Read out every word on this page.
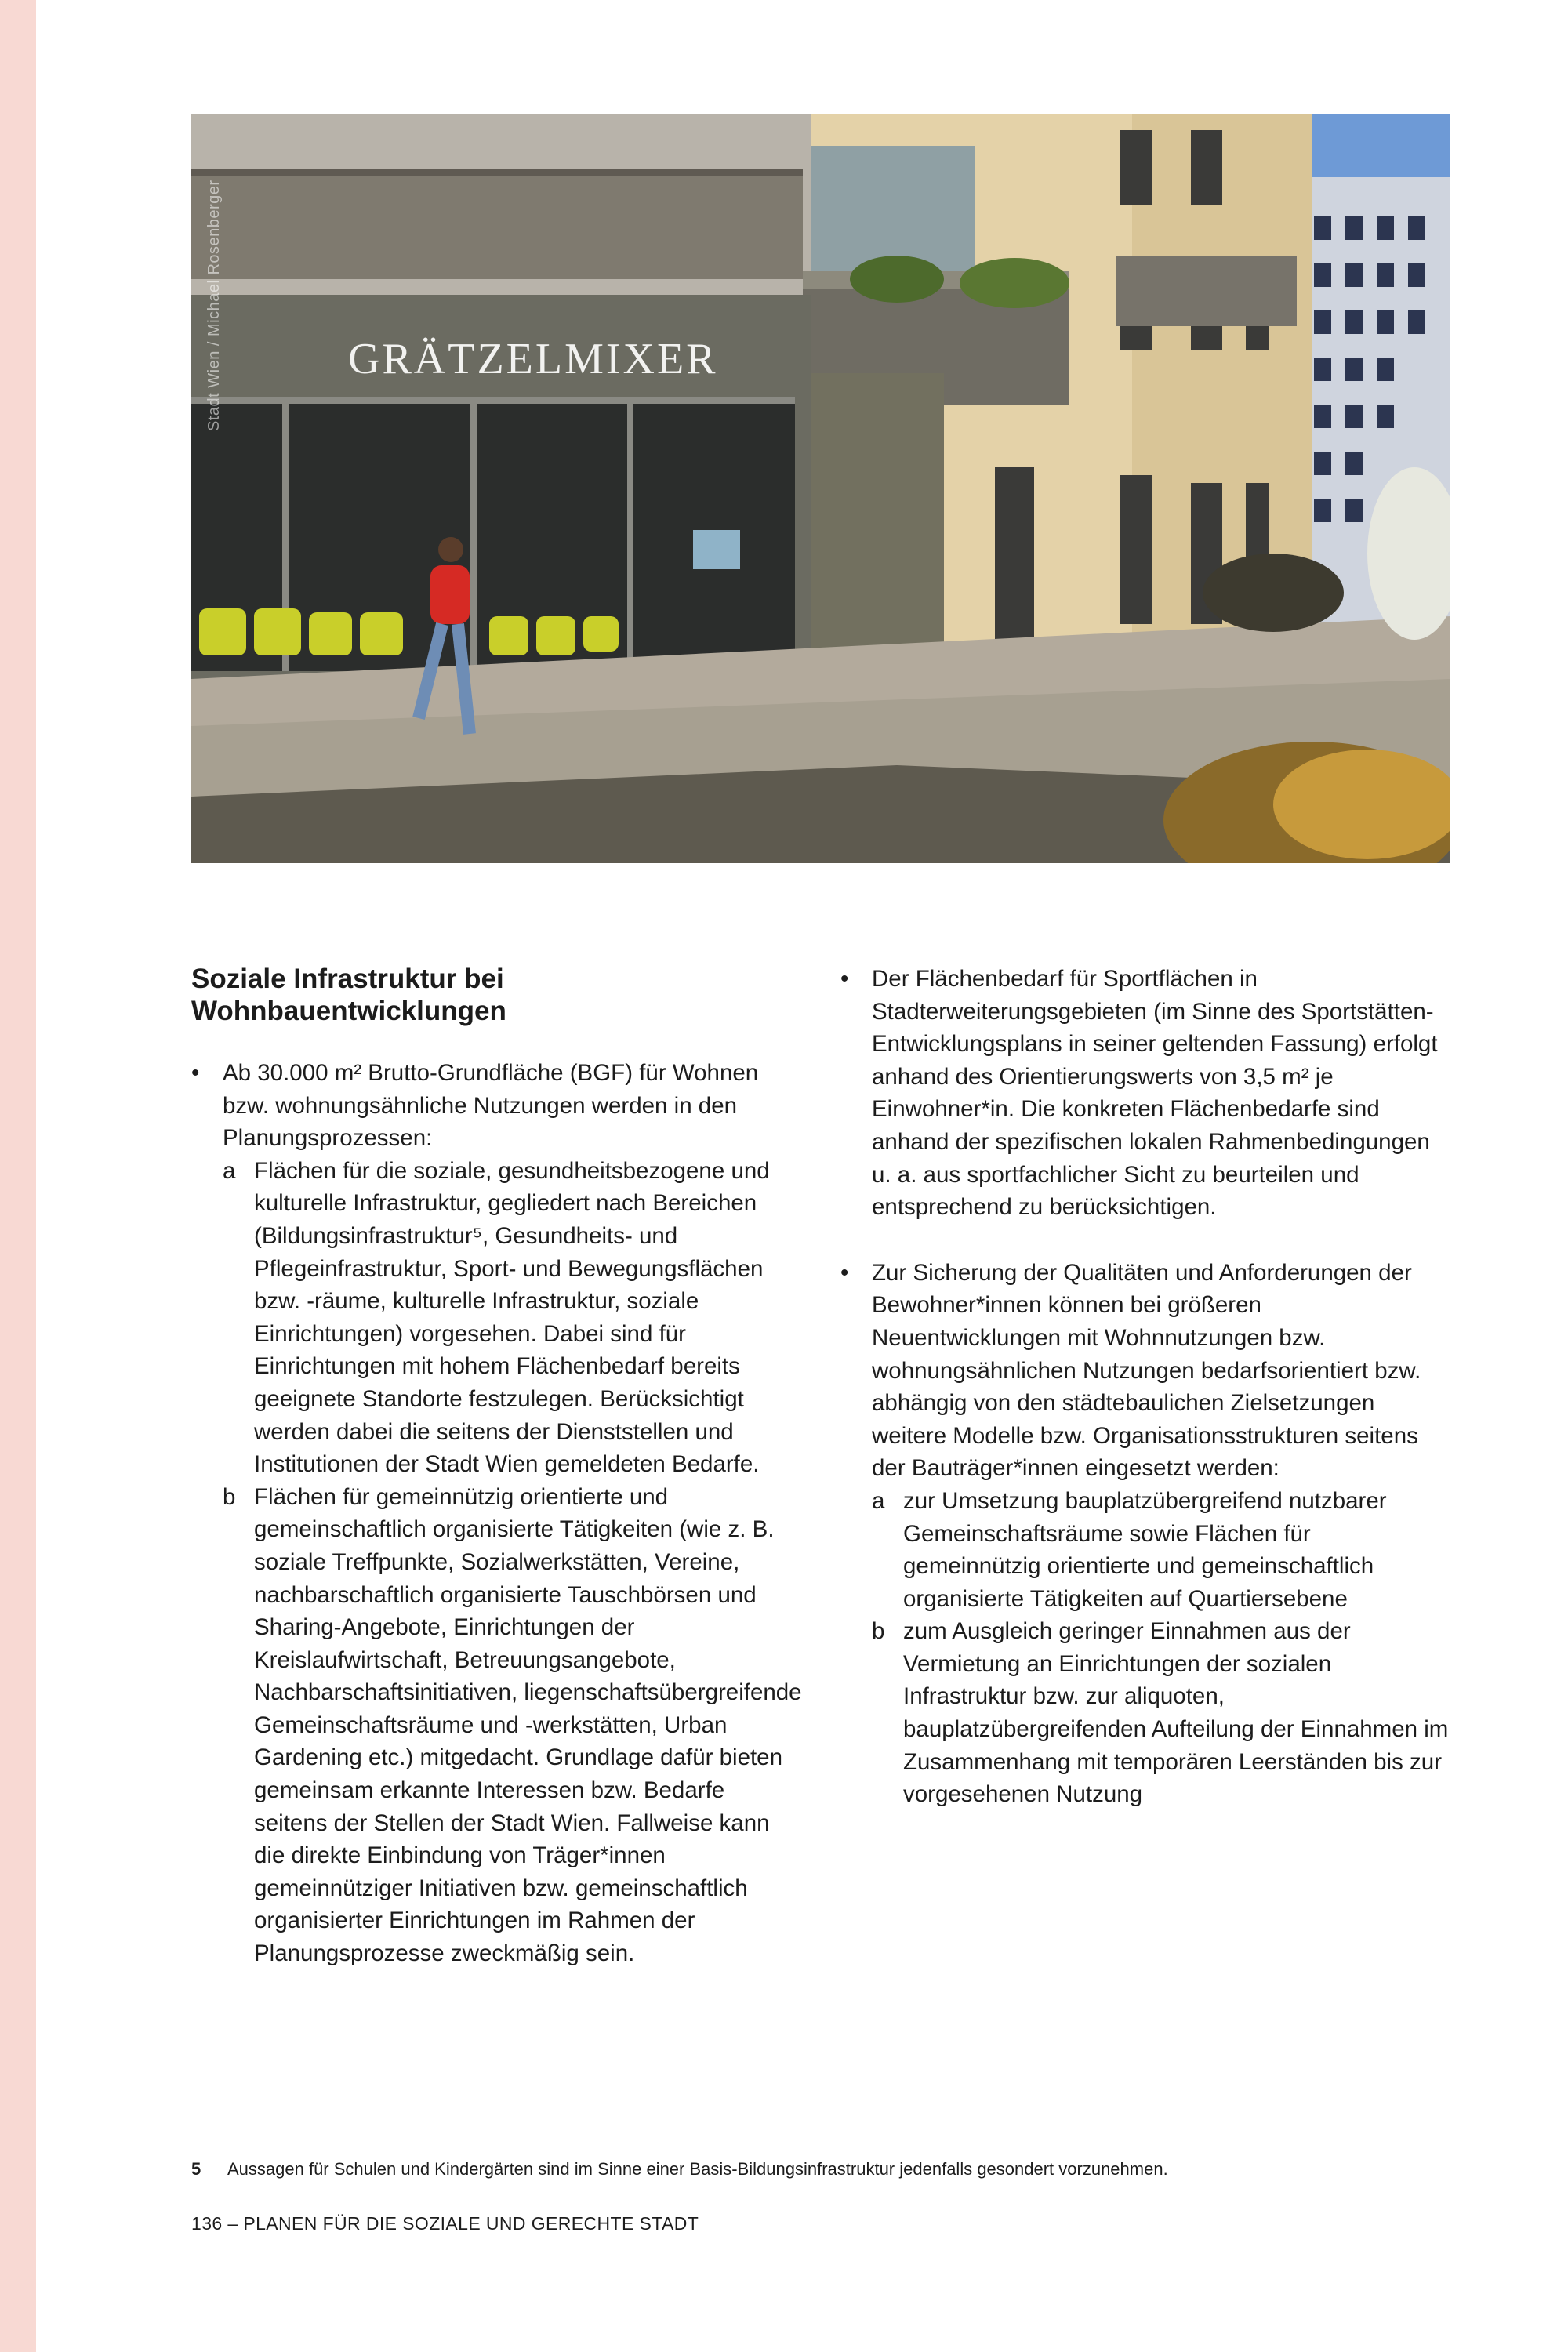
GRÄTZELMIXER
Stadt Wien / Michael Rosenberger
Soziale Infrastruktur bei
Wohnbauentwicklungen
• Ab 30.000 m² Brutto-Grundfläche (BGF) für Wohnen bzw. wohnungsähnliche Nutzungen werden in den Planungsprozessen:
a Flächen für die soziale, gesundheitsbezogene und kulturelle Infrastruktur, gegliedert nach Bereichen (Bildungsinfrastruktur⁵, Gesundheits- und Pflegeinfrastruktur, Sport- und Bewegungsflächen bzw. -räume, kulturelle Infrastruktur, soziale Einrichtungen) vorgesehen. Dabei sind für Einrichtungen mit hohem Flächenbedarf bereits geeignete Standorte festzulegen. Berücksichtigt werden dabei die seitens der Dienststellen und Institutionen der Stadt Wien gemeldeten Bedarfe.
b Flächen für gemeinnützig orientierte und gemeinschaftlich organisierte Tätigkeiten (wie z. B. soziale Treffpunkte, Sozialwerkstätten, Vereine, nachbarschaftlich organisierte Tauschbörsen und Sharing-Angebote, Einrichtungen der Kreislaufwirtschaft, Betreuungsangebote, Nachbarschaftsinitiativen, liegenschaftsübergreifende Gemeinschaftsräume und -werkstätten, Urban Gardening etc.) mitgedacht. Grundlage dafür bieten gemeinsam erkannte Interessen bzw. Bedarfe seitens der Stellen der Stadt Wien. Fallweise kann die direkte Einbindung von Träger*innen gemeinnütziger Initiativen bzw. gemeinschaftlich organisierter Einrichtungen im Rahmen der Planungsprozesse zweckmäßig sein.
• Der Flächenbedarf für Sportflächen in Stadterweiterungsgebieten (im Sinne des Sportstätten-Entwicklungsplans in seiner geltenden Fassung) erfolgt anhand des Orientierungswerts von 3,5 m² je Einwohner*in. Die konkreten Flächenbedarfe sind anhand der spezifischen lokalen Rahmenbedingungen u. a. aus sportfachlicher Sicht zu beurteilen und entsprechend zu berücksichtigen.
• Zur Sicherung der Qualitäten und Anforderungen der Bewohner*innen können bei größeren Neuentwicklungen mit Wohnnutzungen bzw. wohnungsähnlichen Nutzungen bedarfsorientiert bzw. abhängig von den städtebaulichen Zielsetzungen weitere Modelle bzw. Organisationsstrukturen seitens der Bauträger*innen eingesetzt werden:
a zur Umsetzung bauplatzübergreifend nutzbarer Gemeinschaftsräume sowie Flächen für gemeinnützig orientierte und gemeinschaftlich organisierte Tätigkeiten auf Quartiersebene
b zum Ausgleich geringer Einnahmen aus der Vermietung an Einrichtungen der sozialen Infrastruktur bzw. zur aliquoten, bauplatzübergreifenden Aufteilung der Einnahmen im Zusammenhang mit temporären Leerständen bis zur vorgesehenen Nutzung
5 Aussagen für Schulen und Kindergärten sind im Sinne einer Basis-Bildungsinfrastruktur jedenfalls gesondert vorzunehmen.
136 – PLANEN FÜR DIE SOZIALE UND GERECHTE STADT
